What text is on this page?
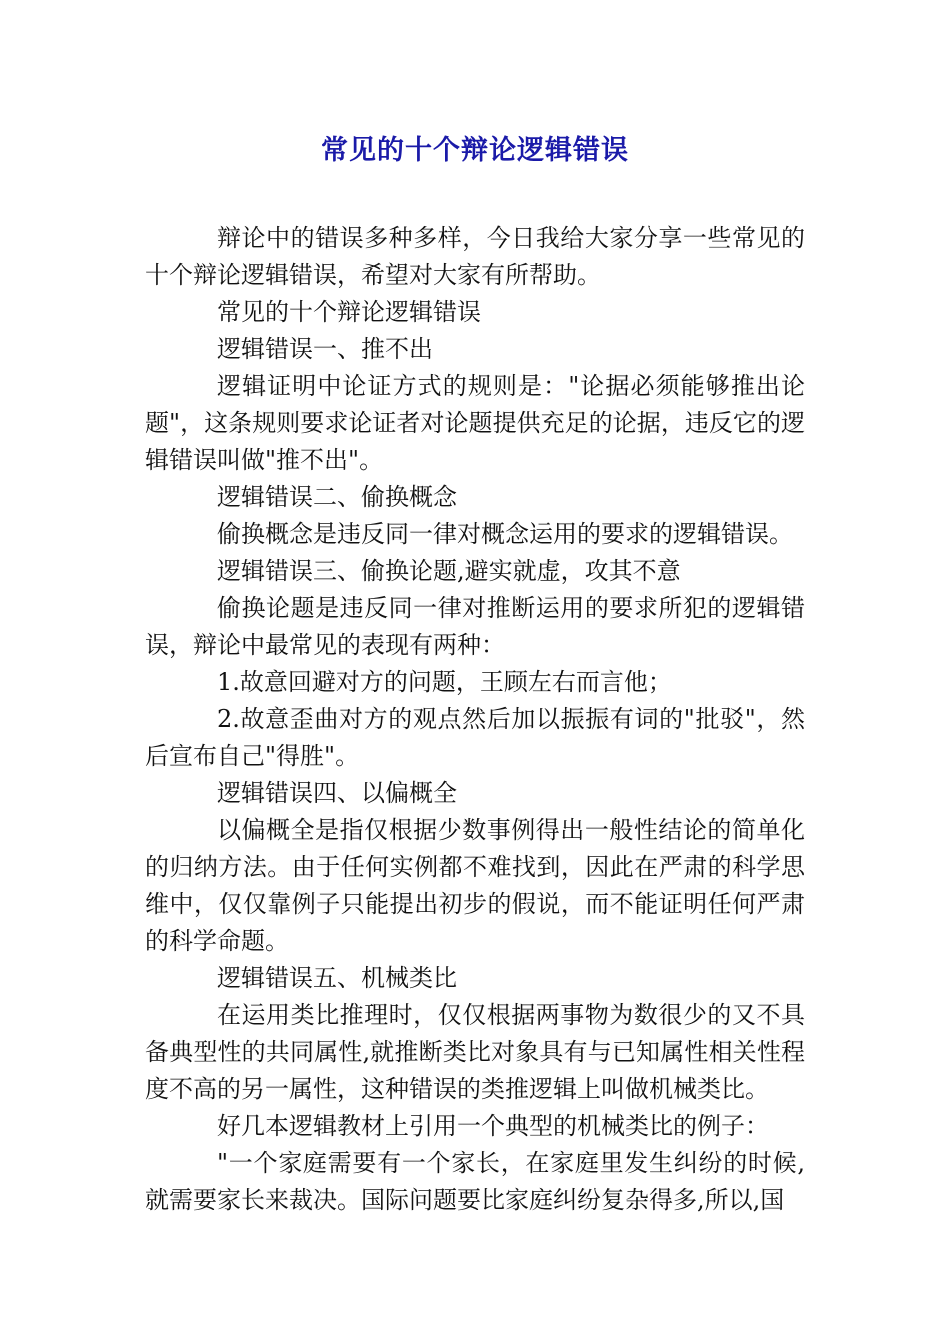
常见的十个辩论逻辑错误

辩论中的错误多种多样，今日我给大家分享一些常见的十个辩论逻辑错误，希望对大家有所帮助。

常见的十个辩论逻辑错误

逻辑错误一、推不出

逻辑证明中论证方式的规则是："论据必须能够推出论题"，这条规则要求论证者对论题提供充足的论据，违反它的逻辑错误叫做"推不出"。

逻辑错误二、偷换概念

偷换概念是违反同一律对概念运用的要求的逻辑错误。

逻辑错误三、偷换论题,避实就虚，攻其不意

偷换论题是违反同一律对推断运用的要求所犯的逻辑错误，辩论中最常见的表现有两种：

1.故意回避对方的问题，王顾左右而言他；

2.故意歪曲对方的观点然后加以振振有词的"批驳"，然后宣布自己"得胜"。

逻辑错误四、以偏概全

以偏概全是指仅根据少数事例得出一般性结论的简单化的归纳方法。由于任何实例都不难找到，因此在严肃的科学思维中，仅仅靠例子只能提出初步的假说，而不能证明任何严肃的科学命题。

逻辑错误五、机械类比

在运用类比推理时，仅仅根据两事物为数很少的又不具备典型性的共同属性,就推断类比对象具有与已知属性相关性程度不高的另一属性，这种错误的类推逻辑上叫做机械类比。

好几本逻辑教材上引用一个典型的机械类比的例子：

"一个家庭需要有一个家长，在家庭里发生纠纷的时候,就需要家长来裁决。国际问题要比家庭纠纷复杂得多,所以,国
